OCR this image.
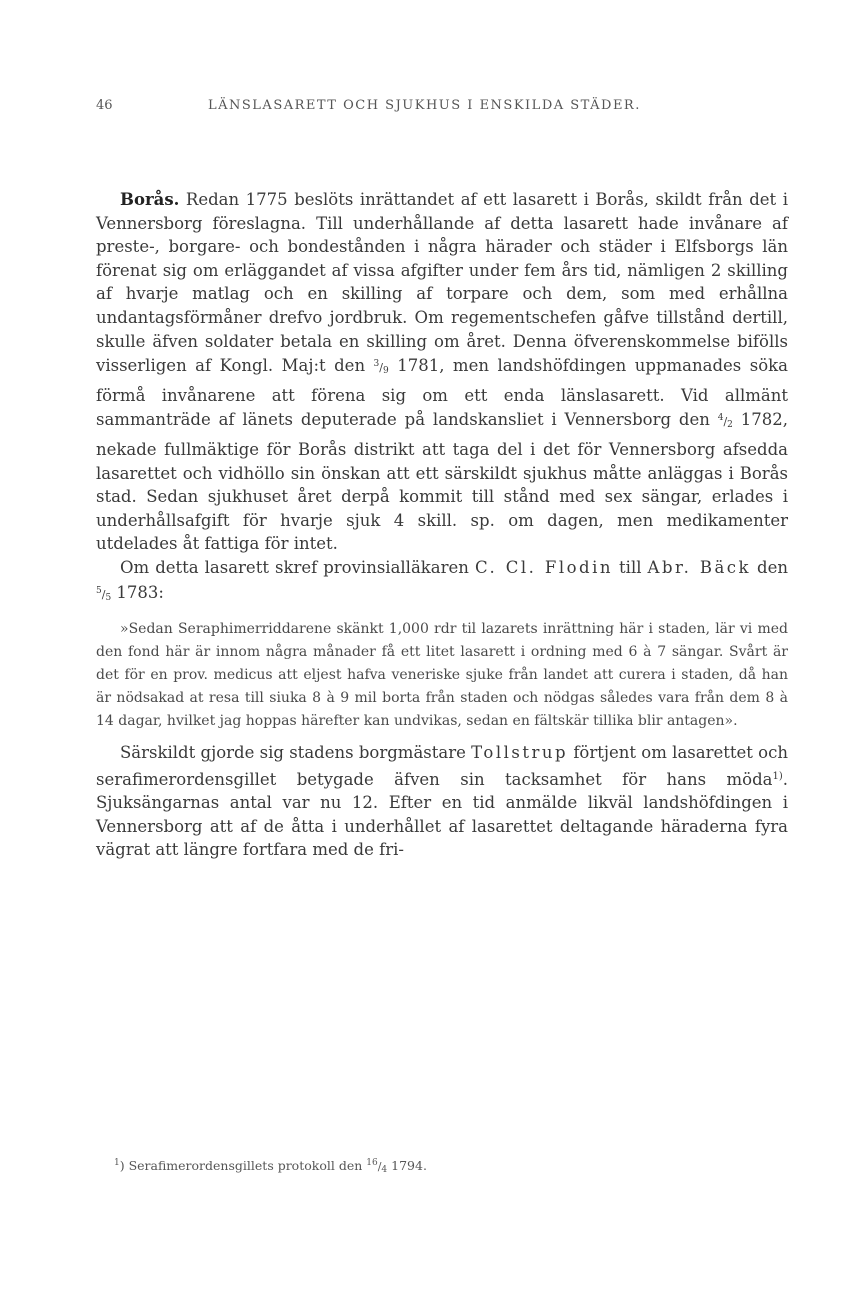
46	LÄNSLASARETT OCH SJUKHUS I ENSKILDA STÄDER.

Borås. Redan 1775 beslöts inrättandet af ett lasarett i Borås, skildt från det i Vennersborg föreslagna. Till underhållande af detta lasarett hade invånare af preste-, borgare- och bondestånden i några härader och städer i Elfsborgs län förenat sig om erläggandet af vissa afgifter under fem års tid, nämligen 2 skilling af hvarje matlag och en skilling af torpare och dem, som med erhållna undantagsförmåner drefvo jordbruk. Om regementschefen gåfve tillstånd dertill, skulle äfven soldater betala en skilling om året. Denna öfverenskommelse bifölls visserligen af Kongl. Maj:t den $^3/_9$ 1781, men landshöfdingen uppmanades söka förmå invånarene att förena sig om ett enda länslasarett. Vid allmänt sammanträde af länets deputerade på landskansliet i Vennersborg den $^4/_2$ 1782, nekade fullmäktige för Borås distrikt att taga del i det för Vennersborg afsedda lasarettet och vidhöllo sin önskan att ett särskildt sjukhus måtte anläggas i Borås stad. Sedan sjukhuset året derpå kommit till stånd med sex sängar, erlades i underhållsafgift för hvarje sjuk 4 skill. sp. om dagen, men medikamenter utdelades åt fattiga för intet.

Om detta lasarett skref provinsialläkaren C. Cl. Flodin till Abr. Bäck den $^5/_5$ 1783:

»Sedan Seraphimerriddarene skänkt 1,000 rdr til lazarets inrättning här i staden, lär vi med den fond här är innom några månader få ett litet lasarett i ordning med 6 à 7 sängar. Svårt är det för en prov. medicus att eljest hafva veneriske sjuke från landet att curera i staden, då han är nödsakad at resa till siuka 8 à 9 mil borta från staden och nödgas således vara från dem 8 à 14 dagar, hvilket jag hoppas härefter kan undvikas, sedan en fältskär tillika blir antagen».

Särskildt gjorde sig stadens borgmästare Tollstrup förtjent om lasarettet och serafimerordensgillet betygade äfven sin tacksamhet för hans möda$^{1)}$. Sjuksängarnas antal var nu 12. Efter en tid anmälde likväl landshöfdingen i Vennersborg att af de åtta i underhållet af lasarettet deltagande häraderna fyra vägrat att längre fortfara med de fri-

$^1$) Serafimerordensgillets protokoll den $^{16}/_4$ 1794.
